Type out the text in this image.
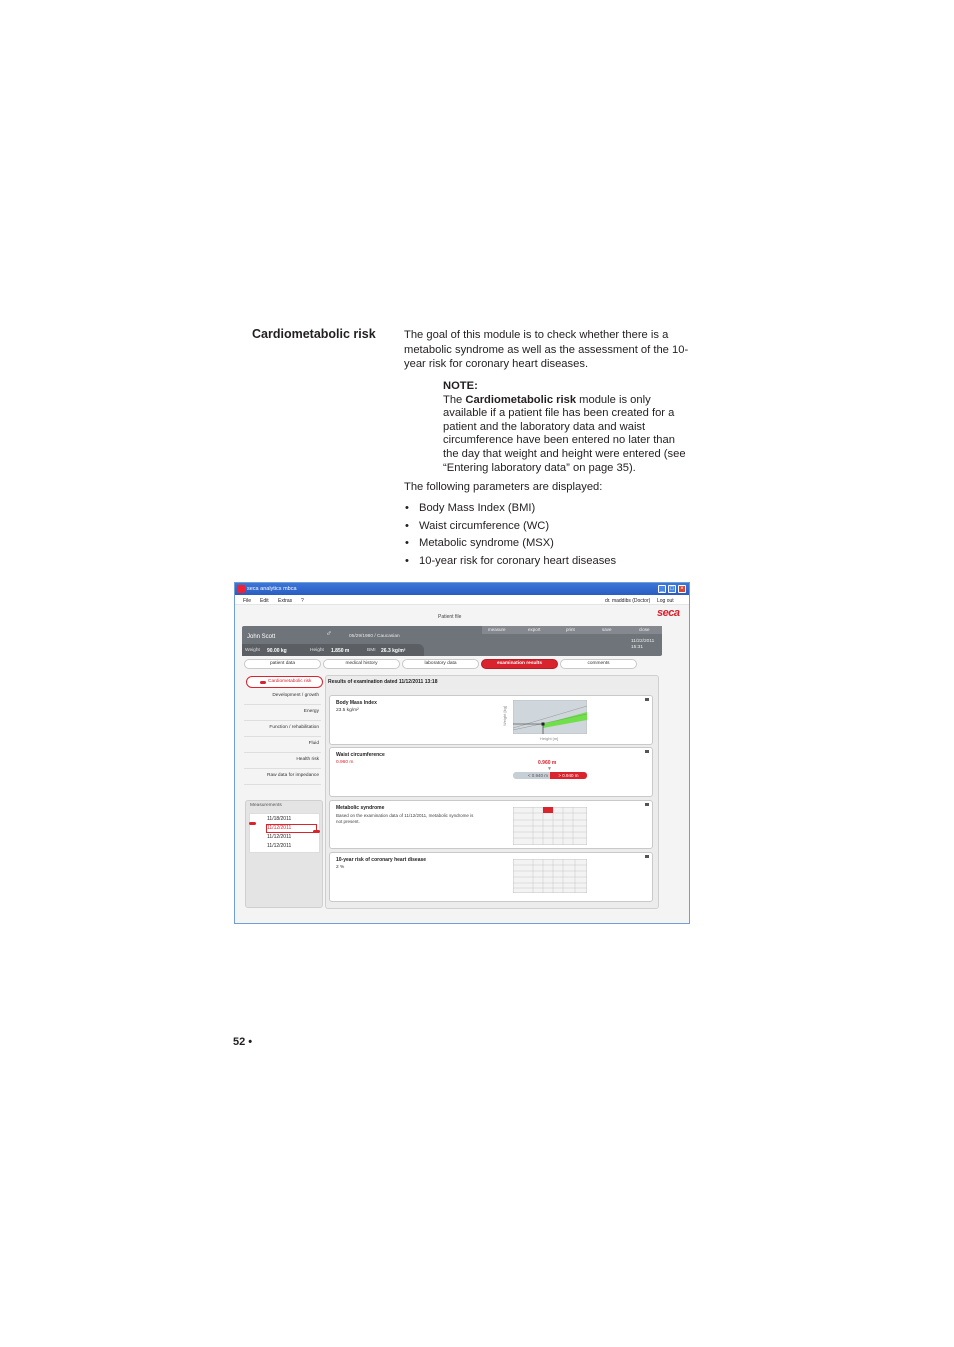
Cardiometabolic risk	The goal of this module is to check whether there is a metabolic syndrome as well as the assessment of the 10-year risk for coronary heart diseases.

NOTE:
The Cardiometabolic risk module is only available if a patient file has been created for a patient and the laboratory data and waist circumference have been entered no later than the day that weight and height were entered (see “Entering laboratory data” on page 35).

The following parameters are displayed:

• Body Mass Index (BMI)
• Waist circumference (WC)
• Metabolic syndrome (MSX)
• 10-year risk for coronary heart diseases
seca analytics mbca	_	□	×
File Edit Extras ?	dr. maddibs (Doctor) Log out
Patient file	seca
measure	export	print	save	close
John Scott	♂	05/29/1980 / Caucasian
11/22/2011
15:31
Weight 90.00 kg	Height 1.850 m	BMI 26.3 kg/m²
patient data	medical history	laboratory data	examination results	comments
Cardiometabolic risk
Development / growth
Energy
Function / rehabilitation
Fluid
Health risk
Raw data for impedance
Measurements
11/18/2011
11/12/2011
11/12/2011
11/12/2011
Results of examination dated 11/12/2011 13:18
Body Mass Index
23.5 kg/m²	Weight [kg]
Height [m]
Waist circumference
0.960 m	0.960 m
▼
< 0.940 m	> 0.940 m
Metabolic syndrome
Based on the examination data of 11/12/2011, metabolic syndrome is not present.
10-year risk of coronary heart disease
2 %
52 •
